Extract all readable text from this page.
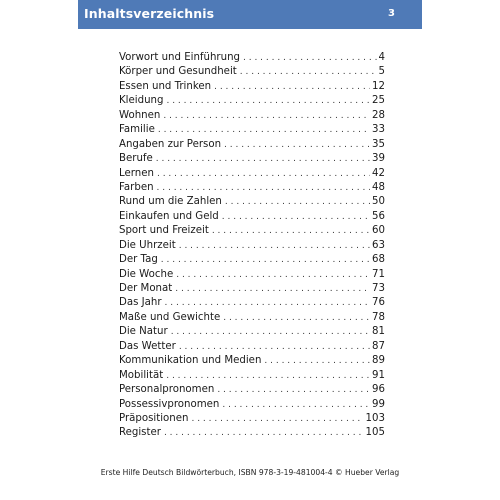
Inhaltsverzeichnis	3
Vorwort und Einführung . . .	4
Körper und Gesundheit . . .	5
Essen und Trinken . . .	12
Kleidung . . .	25
Wohnen . . .	28
Familie . . .	33
Angaben zur Person . . .	35
Berufe . . .	39
Lernen . . .	42
Farben . . .	48
Rund um die Zahlen . . .	50
Einkaufen und Geld . . .	56
Sport und Freizeit . . .	60
Die Uhrzeit . . .	63
Der Tag . . .	68
Die Woche . . .	71
Der Monat . . .	73
Das Jahr . . .	76
Maße und Gewichte . . .	78
Die Natur . . .	81
Das Wetter . . .	87
Kommunikation und Medien . . .	89
Mobilität . . .	91
Personalpronomen . . .	96
Possessivpronomen . . .	99
Präpositionen . . .	103
Register . . .	105
Erste Hilfe Deutsch Bildwörterbuch, ISBN 978-3-19-481004-4 © Hueber Verlag
